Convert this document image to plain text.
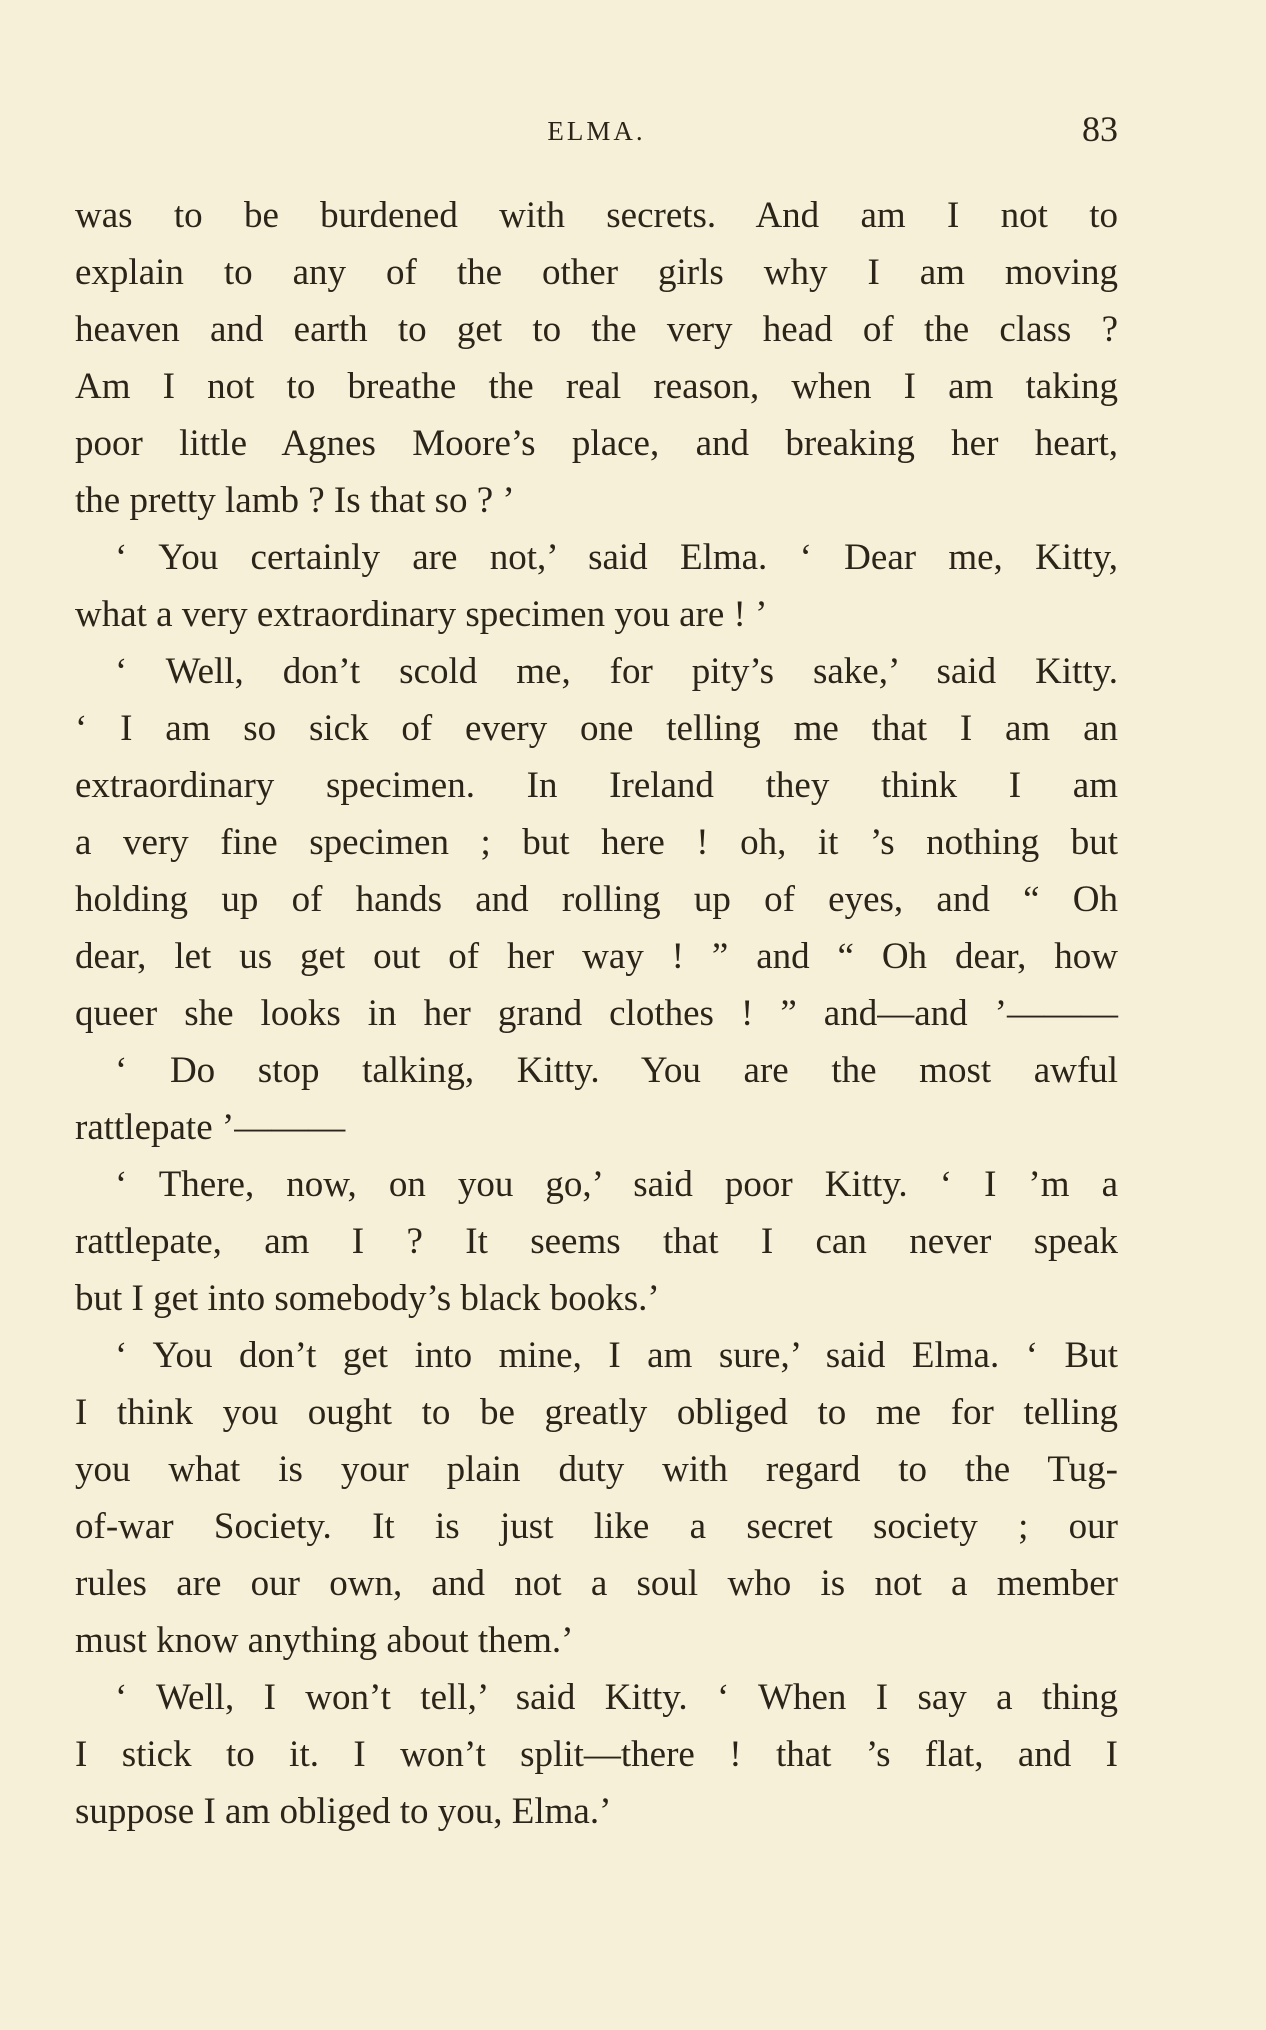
ELMA.	83
was to be burdened with secrets. And am I not to
explain to any of the other girls why I am moving
heaven and earth to get to the very head of the class ?
Am I not to breathe the real reason, when I am taking
poor little Agnes Moore’s place, and breaking her heart,
the pretty lamb ? Is that so ? ’
‘ You certainly are not,’ said Elma. ‘ Dear me, Kitty,
what a very extraordinary specimen you are ! ’
‘ Well, don’t scold me, for pity’s sake,’ said Kitty.
‘ I am so sick of every one telling me that I am an
extraordinary specimen. In Ireland they think I am
a very fine specimen ; but here ! oh, it ’s nothing but
holding up of hands and rolling up of eyes, and “ Oh
dear, let us get out of her way ! ” and “ Oh dear, how
queer she looks in her grand clothes ! ” and—and ’———
‘ Do stop talking, Kitty. You are the most awful
rattlepate ’———
‘ There, now, on you go,’ said poor Kitty. ‘ I ’m a
rattlepate, am I ? It seems that I can never speak
but I get into somebody’s black books.’
‘ You don’t get into mine, I am sure,’ said Elma. ‘ But
I think you ought to be greatly obliged to me for telling
you what is your plain duty with regard to the Tug-
of-war Society. It is just like a secret society ; our
rules are our own, and not a soul who is not a member
must know anything about them.’
‘ Well, I won’t tell,’ said Kitty. ‘ When I say a thing
I stick to it. I won’t split—there ! that ’s flat, and I
suppose I am obliged to you, Elma.’
